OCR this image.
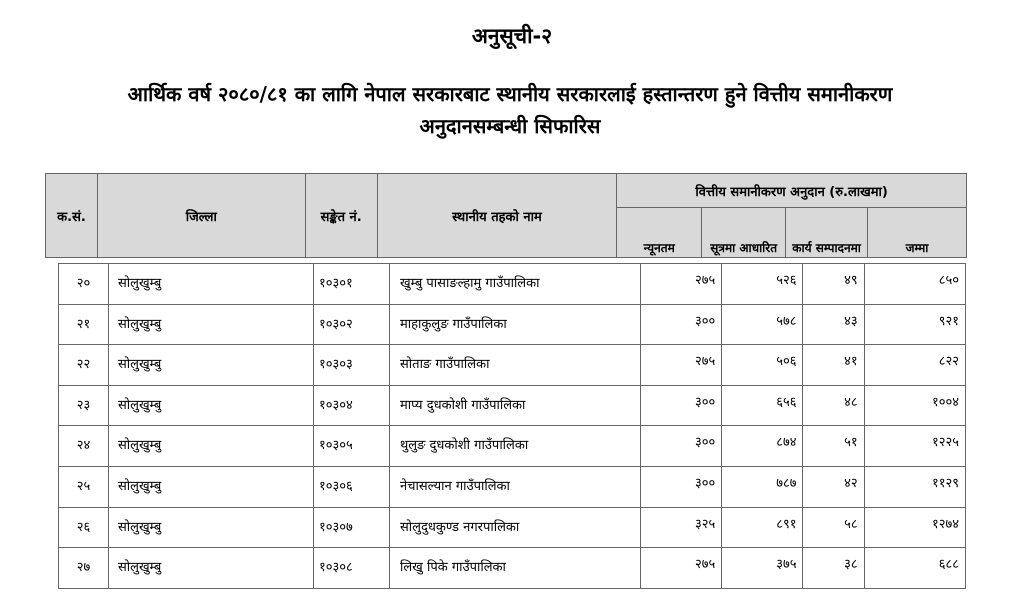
अनुसूची-२
आर्थिक वर्ष २०८०/८१ का लागि नेपाल सरकारबाट स्थानीय सरकारलाई हस्तान्तरण हुने वित्तीय समानीकरण
अनुदानसम्बन्धी सिफारिस
क.सं.	जिल्ला	सङ्केत नं.	स्थानीय तहको नाम	वित्तीय समानीकरण अनुदान (रु.लाखमा)			
				न्यूनतम	सूत्रमा आधारित	कार्य सम्पादनमा	जम्मा
२०	सोलुखुम्बु	१०३०१	खुम्बु पासाङल्हामु गाउँपालिका	२७५	५२६	४९	८५०
२१	सोलुखुम्बु	१०३०२	माहाकुलुङ गाउँपालिका	३००	५७८	४३	९२१
२२	सोलुखुम्बु	१०३०३	सोताङ गाउँपालिका	२७५	५०६	४१	८२२
२३	सोलुखुम्बु	१०३०४	माप्य दुधकोशी गाउँपालिका	३००	६५६	४८	१००४
२४	सोलुखुम्बु	१०३०५	थुलुङ दुधकोशी गाउँपालिका	३००	८७४	५१	१२२५
२५	सोलुखुम्बु	१०३०६	नेचासल्यान गाउँपालिका	३००	७८७	४२	११२९
२६	सोलुखुम्बु	१०३०७	सोलुदुधकुण्ड नगरपालिका	३२५	८९१	५८	१२७४
२७	सोलुखुम्बु	१०३०८	लिखु पिके गाउँपालिका	२७५	३७५	३८	६८८
